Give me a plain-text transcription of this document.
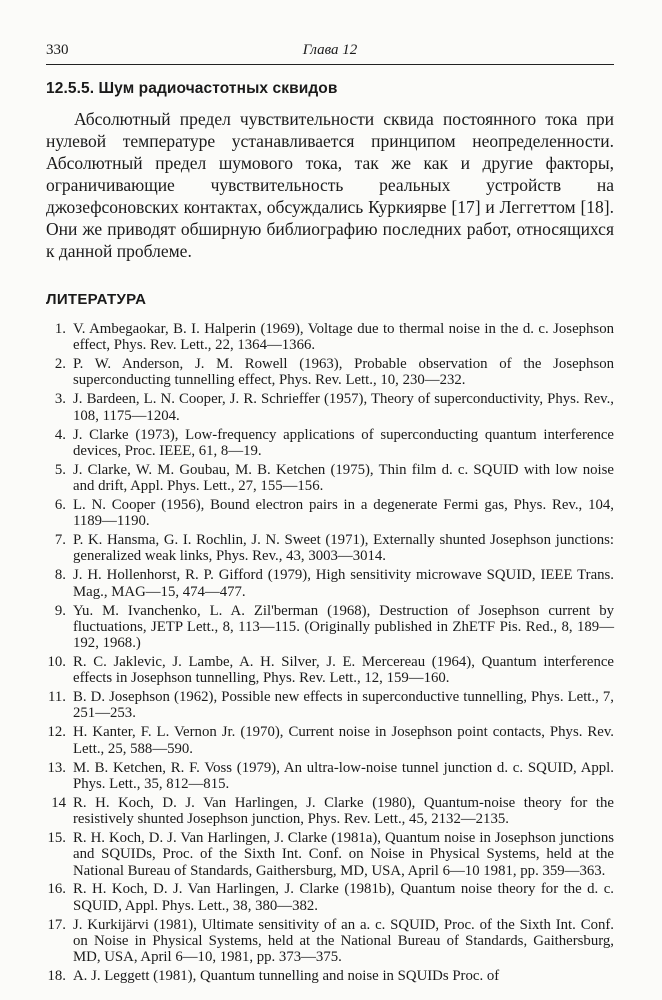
330	Глава 12
12.5.5. Шум радиочастотных сквидов

Абсолютный предел чувствительности сквида постоянного тока при нулевой температуре устанавливается принципом неопределенности. Абсолютный предел шумового тока, так же как и другие факторы, ограничивающие чувствительность реальных устройств на джозефсоновских контактах, обсуждались Куркиярве [17] и Леггеттом [18]. Они же приводят обширную библиографию последних работ, относящихся к данной проблеме.

ЛИТЕРАТУРА
1. V. Ambegaokar, B. I. Halperin (1969), Voltage due to thermal noise in the d. c. Josephson effect, Phys. Rev. Lett., 22, 1364—1366.
2. P. W. Anderson, J. M. Rowell (1963), Probable observation of the Josephson superconducting tunnelling effect, Phys. Rev. Lett., 10, 230—232.
3. J. Bardeen, L. N. Cooper, J. R. Schrieffer (1957), Theory of superconductivity, Phys. Rev., 108, 1175—1204.
4. J. Clarke (1973), Low-frequency applications of superconducting quantum interference devices, Proc. IEEE, 61, 8—19.
5. J. Clarke, W. M. Goubau, M. B. Ketchen (1975), Thin film d. c. SQUID with low noise and drift, Appl. Phys. Lett., 27, 155—156.
6. L. N. Cooper (1956), Bound electron pairs in a degenerate Fermi gas, Phys. Rev., 104, 1189—1190.
7. P. K. Hansma, G. I. Rochlin, J. N. Sweet (1971), Externally shunted Josephson junctions: generalized weak links, Phys. Rev., 43, 3003—3014.
8. J. H. Hollenhorst, R. P. Gifford (1979), High sensitivity microwave SQUID, IEEE Trans. Mag., MAG—15, 474—477.
9. Yu. M. Ivanchenko, L. A. Zil'berman (1968), Destruction of Josephson current by fluctuations, JETP Lett., 8, 113—115. (Originally published in ZhETF Pis. Red., 8, 189—192, 1968.)
10. R. C. Jaklevic, J. Lambe, A. H. Silver, J. E. Mercereau (1964), Quantum interference effects in Josephson tunnelling, Phys. Rev. Lett., 12, 159—160.
11. B. D. Josephson (1962), Possible new effects in superconductive tunnelling, Phys. Lett., 7, 251—253.
12. H. Kanter, F. L. Vernon Jr. (1970), Current noise in Josephson point contacts, Phys. Rev. Lett., 25, 588—590.
13. M. B. Ketchen, R. F. Voss (1979), An ultra-low-noise tunnel junction d. c. SQUID, Appl. Phys. Lett., 35, 812—815.
14 R. H. Koch, D. J. Van Harlingen, J. Clarke (1980), Quantum-noise theory for the resistively shunted Josephson junction, Phys. Rev. Lett., 45, 2132—2135.
15. R. H. Koch, D. J. Van Harlingen, J. Clarke (1981a), Quantum noise in Josephson junctions and SQUIDs, Proc. of the Sixth Int. Conf. on Noise in Physical Systems, held at the National Bureau of Standards, Gaithersburg, MD, USA, April 6—10 1981, pp. 359—363.
16. R. H. Koch, D. J. Van Harlingen, J. Clarke (1981b), Quantum noise theory for the d. c. SQUID, Appl. Phys. Lett., 38, 380—382.
17. J. Kurkijärvi (1981), Ultimate sensitivity of an a. c. SQUID, Proc. of the Sixth Int. Conf. on Noise in Physical Systems, held at the National Bureau of Standards, Gaithersburg, MD, USA, April 6—10, 1981, pp. 373—375.
18. A. J. Leggett (1981), Quantum tunnelling and noise in SQUIDs Proc. of
